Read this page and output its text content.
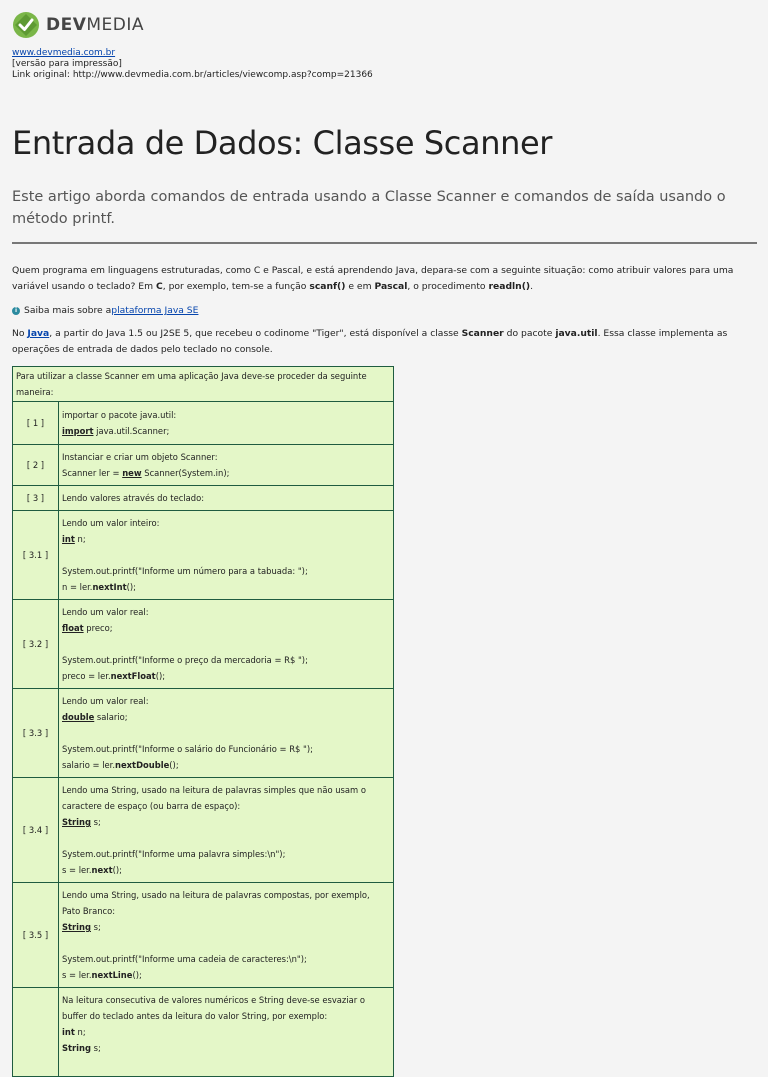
DEVMEDIA
www.devmedia.com.br
[versão para impressão]
Link original: http://www.devmedia.com.br/articles/viewcomp.asp?comp=21366
Entrada de Dados: Classe Scanner

Este artigo aborda comandos de entrada usando a Classe Scanner e comandos de saída usando o método printf.

Quem programa em linguagens estruturadas, como C e Pascal, e está aprendendo Java, depara-se com a seguinte situação: como atribuir valores para uma variável usando o teclado? Em C, por exemplo, tem-se a função scanf() e em Pascal, o procedimento readln().

i Saiba mais sobre a plataforma Java SE

No Java, a partir do Java 1.5 ou J2SE 5, que recebeu o codinome "Tiger", está disponível a classe Scanner do pacote java.util. Essa classe implementa as operações de entrada de dados pelo teclado no console.

Para utilizar a classe Scanner em uma aplicação Java deve-se proceder da seguinte maneira:	
[ 1 ]	importar o pacote java.util:
import java.util.Scanner;

[ 2 ]	Instanciar e criar um objeto Scanner:
Scanner ler = new Scanner(System.in);

[ 3 ]	Lendo valores através do teclado:
[ 3.1 ]	Lendo um valor inteiro:
int n;
System.out.printf("Informe um número para a tabuada: ");
n = ler.nextInt();

[ 3.2 ]	Lendo um valor real:
float preco;
System.out.printf("Informe o preço da mercadoria = R$ ");
preco = ler.nextFloat();

[ 3.3 ]	Lendo um valor real:
double salario;
System.out.printf("Informe o salário do Funcionário = R$ ");
salario = ler.nextDouble();

[ 3.4 ]	Lendo uma String, usado na leitura de palavras simples que não usam o caractere de espaço (ou barra de espaço):
String s;
System.out.printf("Informe uma palavra simples:\n");
s = ler.next();

[ 3.5 ]	Lendo uma String, usado na leitura de palavras compostas, por exemplo, Pato Branco:
String s;
System.out.printf("Informe uma cadeia de caracteres:\n");
s = ler.nextLine();

	Na leitura consecutiva de valores numéricos e String deve-se esvaziar o buffer do teclado antes da leitura do valor String, por exemplo:
int n;
String s;
